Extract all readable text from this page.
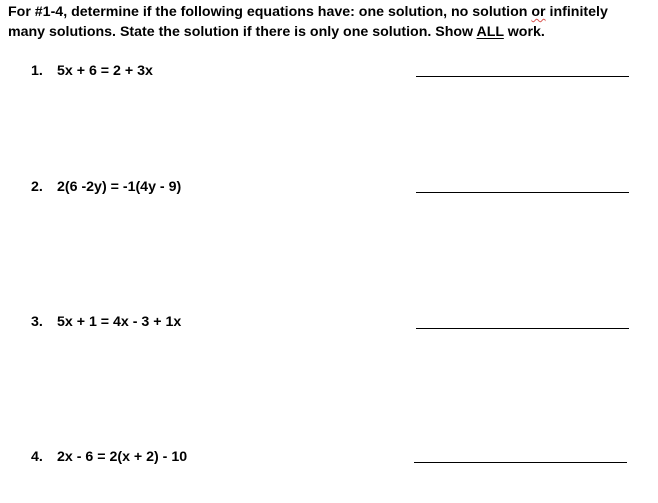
For #1-4, determine if the following equations have: one solution, no solution or infinitely many solutions. State the solution if there is only one solution. Show ALL work.
1. 5x + 6 = 2 + 3x
2. 2(6 -2y) = -1(4y - 9)
3. 5x + 1 = 4x - 3 + 1x
4. 2x - 6 = 2(x + 2) - 10
